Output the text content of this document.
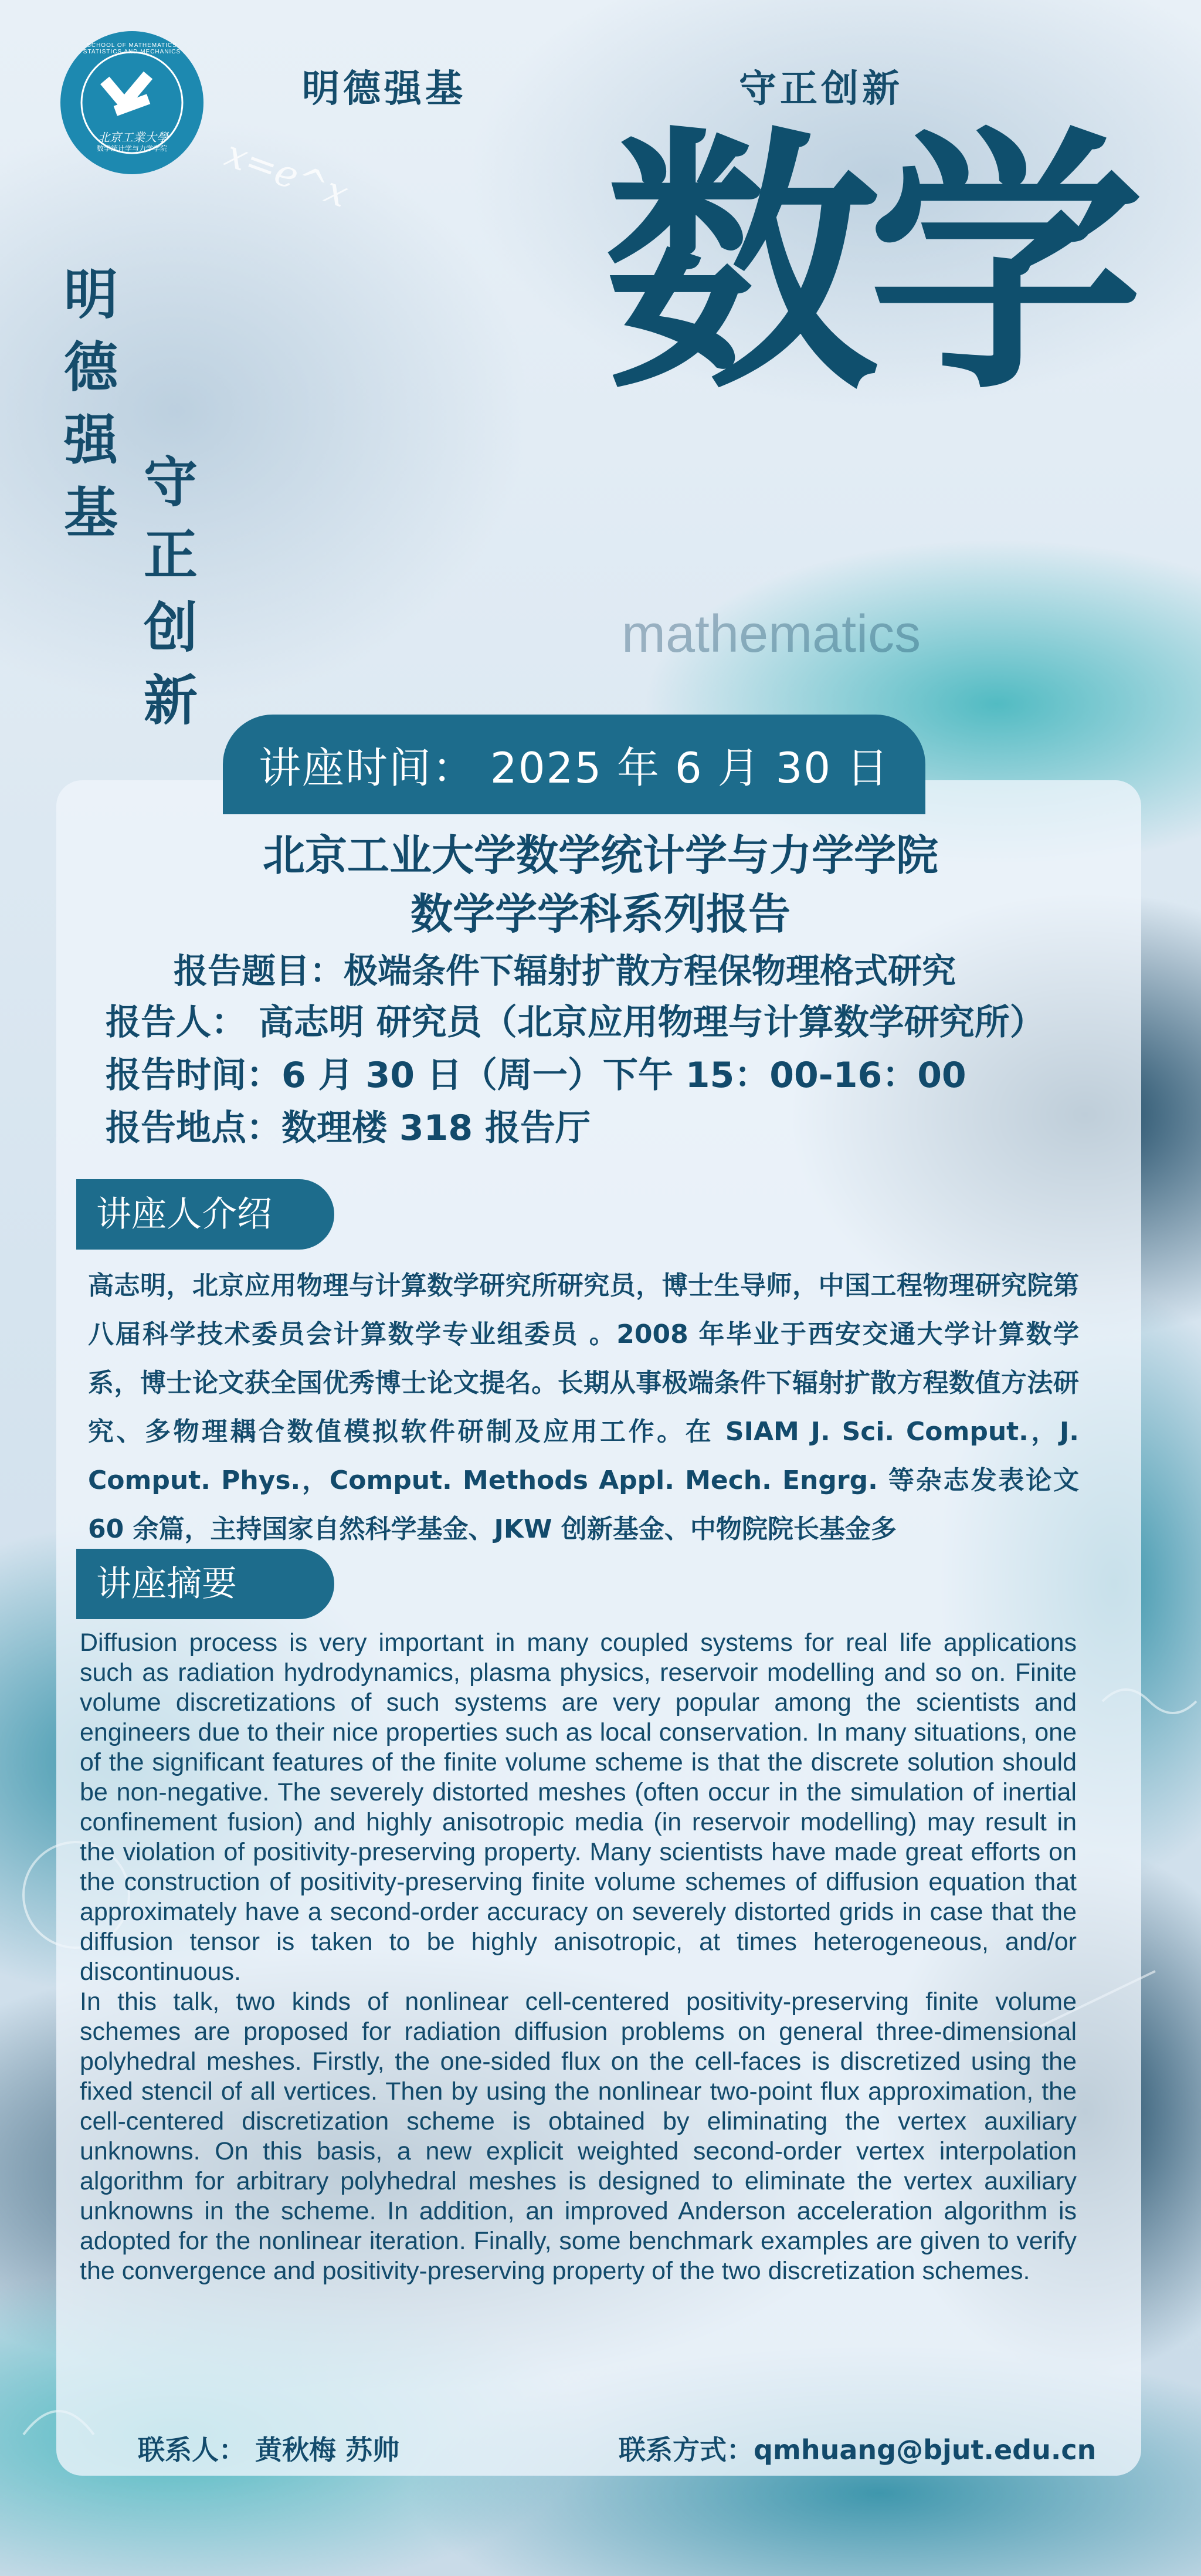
北京工業大學
数学统计学与力学学院
SCHOOL OF MATHEMATICS STATISTICS AND MECHANICS
明德强基	守正创新
明德强基 守正创新
x=e^x 数学
mathematics
讲座时间： 2025 年 6 月 30 日
北京工业大学数学统计学与力学学院
数学学学科系列报告
报告题目：极端条件下辐射扩散方程保物理格式研究
报告人： 高志明 研究员（北京应用物理与计算数学研究所）
报告时间：6 月 30 日（周一）下午 15：00-16：00
报告地点：数理楼 318 报告厅
讲座人介绍
高志明，北京应用物理与计算数学研究所研究员，博士生导师，中国工程物理研究院第八届科学技术委员会计算数学专业组委员 。2008 年毕业于西安交通大学计算数学系，博士论文获全国优秀博士论文提名。长期从事极端条件下辐射扩散方程数值方法研究、多物理耦合数值模拟软件研制及应用工作。在 SIAM J. Sci. Comput.，J. Comput. Phys.，Comput. Methods Appl. Mech. Engrg. 等杂志发表论文 60 余篇，主持国家自然科学基金、JKW 创新基金、中物院院长基金多
讲座摘要

Diffusion process is very important in many coupled systems for real life applications such as radiation hydrodynamics, plasma physics, reservoir modelling and so on. Finite volume discretizations of such systems are very popular among the scientists and engineers due to their nice properties such as local conservation. In many situations, one of the significant features of the finite volume scheme is that the discrete solution should be non-negative. The severely distorted meshes (often occur in the simulation of inertial confinement fusion) and highly anisotropic media (in reservoir modelling) may result in the violation of positivity-preserving property. Many scientists have made great efforts on the construction of positivity-preserving finite volume schemes of diffusion equation that approximately have a second-order accuracy on severely distorted grids in case that the diffusion tensor is taken to be highly anisotropic, at times heterogeneous, and/or discontinuous.

In this talk, two kinds of nonlinear cell-centered positivity-preserving finite volume schemes are proposed for radiation diffusion problems on general three-dimensional polyhedral meshes. Firstly, the one-sided flux on the cell-faces is discretized using the fixed stencil of all vertices. Then by using the nonlinear two-point flux approximation, the cell-centered discretization scheme is obtained by eliminating the vertex auxiliary unknowns. On this basis, a new explicit weighted second-order vertex interpolation algorithm for arbitrary polyhedral meshes is designed to eliminate the vertex auxiliary unknowns in the scheme. In addition, an improved Anderson acceleration algorithm is adopted for the nonlinear iteration. Finally, some benchmark examples are given to verify the convergence and positivity-preserving property of the two discretization schemes.

联系人： 黄秋梅 苏帅	联系方式：qmhuang@bjut.edu.cn
